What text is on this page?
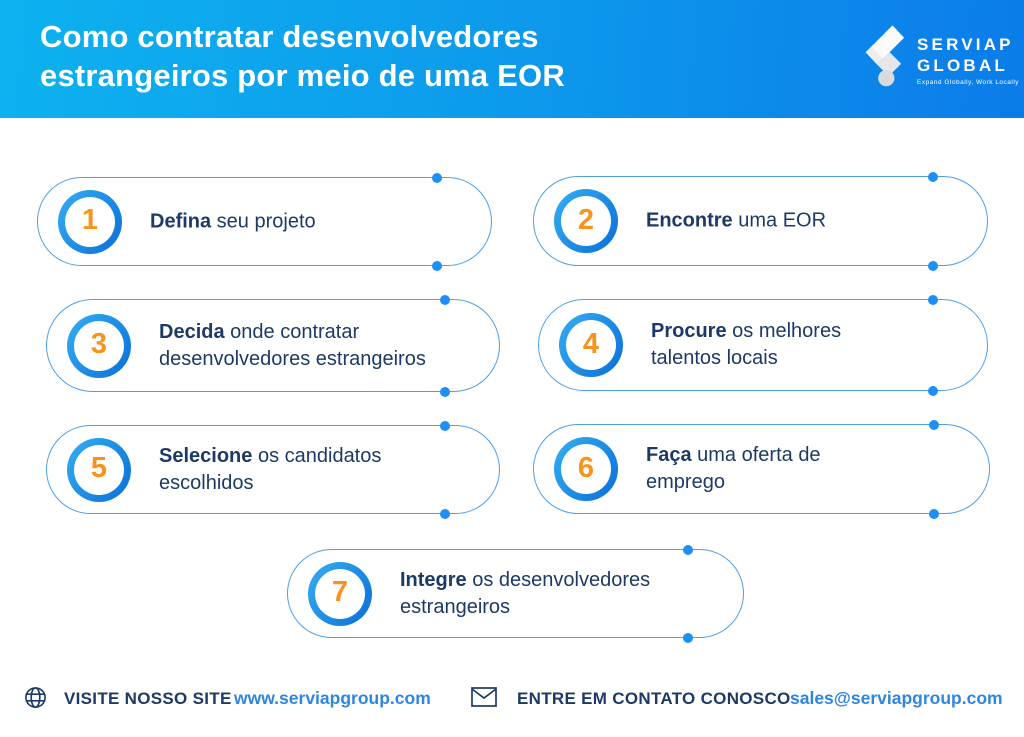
Como contratar desenvolvedores
estrangeiros por meio de uma EOR
SERVIAP
GLOBAL
Expand Globally, Work Locally
1	Defina seu projeto	2	Encontre uma EOR
3	Decida onde contratar
desenvolvedores estrangeiros	4	Procure os melhores
talentos locais
5	Selecione os candidatos
escolhidos	6	Faça uma oferta de
emprego
7	Integre os desenvolvedores
estrangeiros
VISITE NOSSO SITE www.serviapgroup.com	ENTRE EM CONTATO CONOSCO sales@serviapgroup.com
